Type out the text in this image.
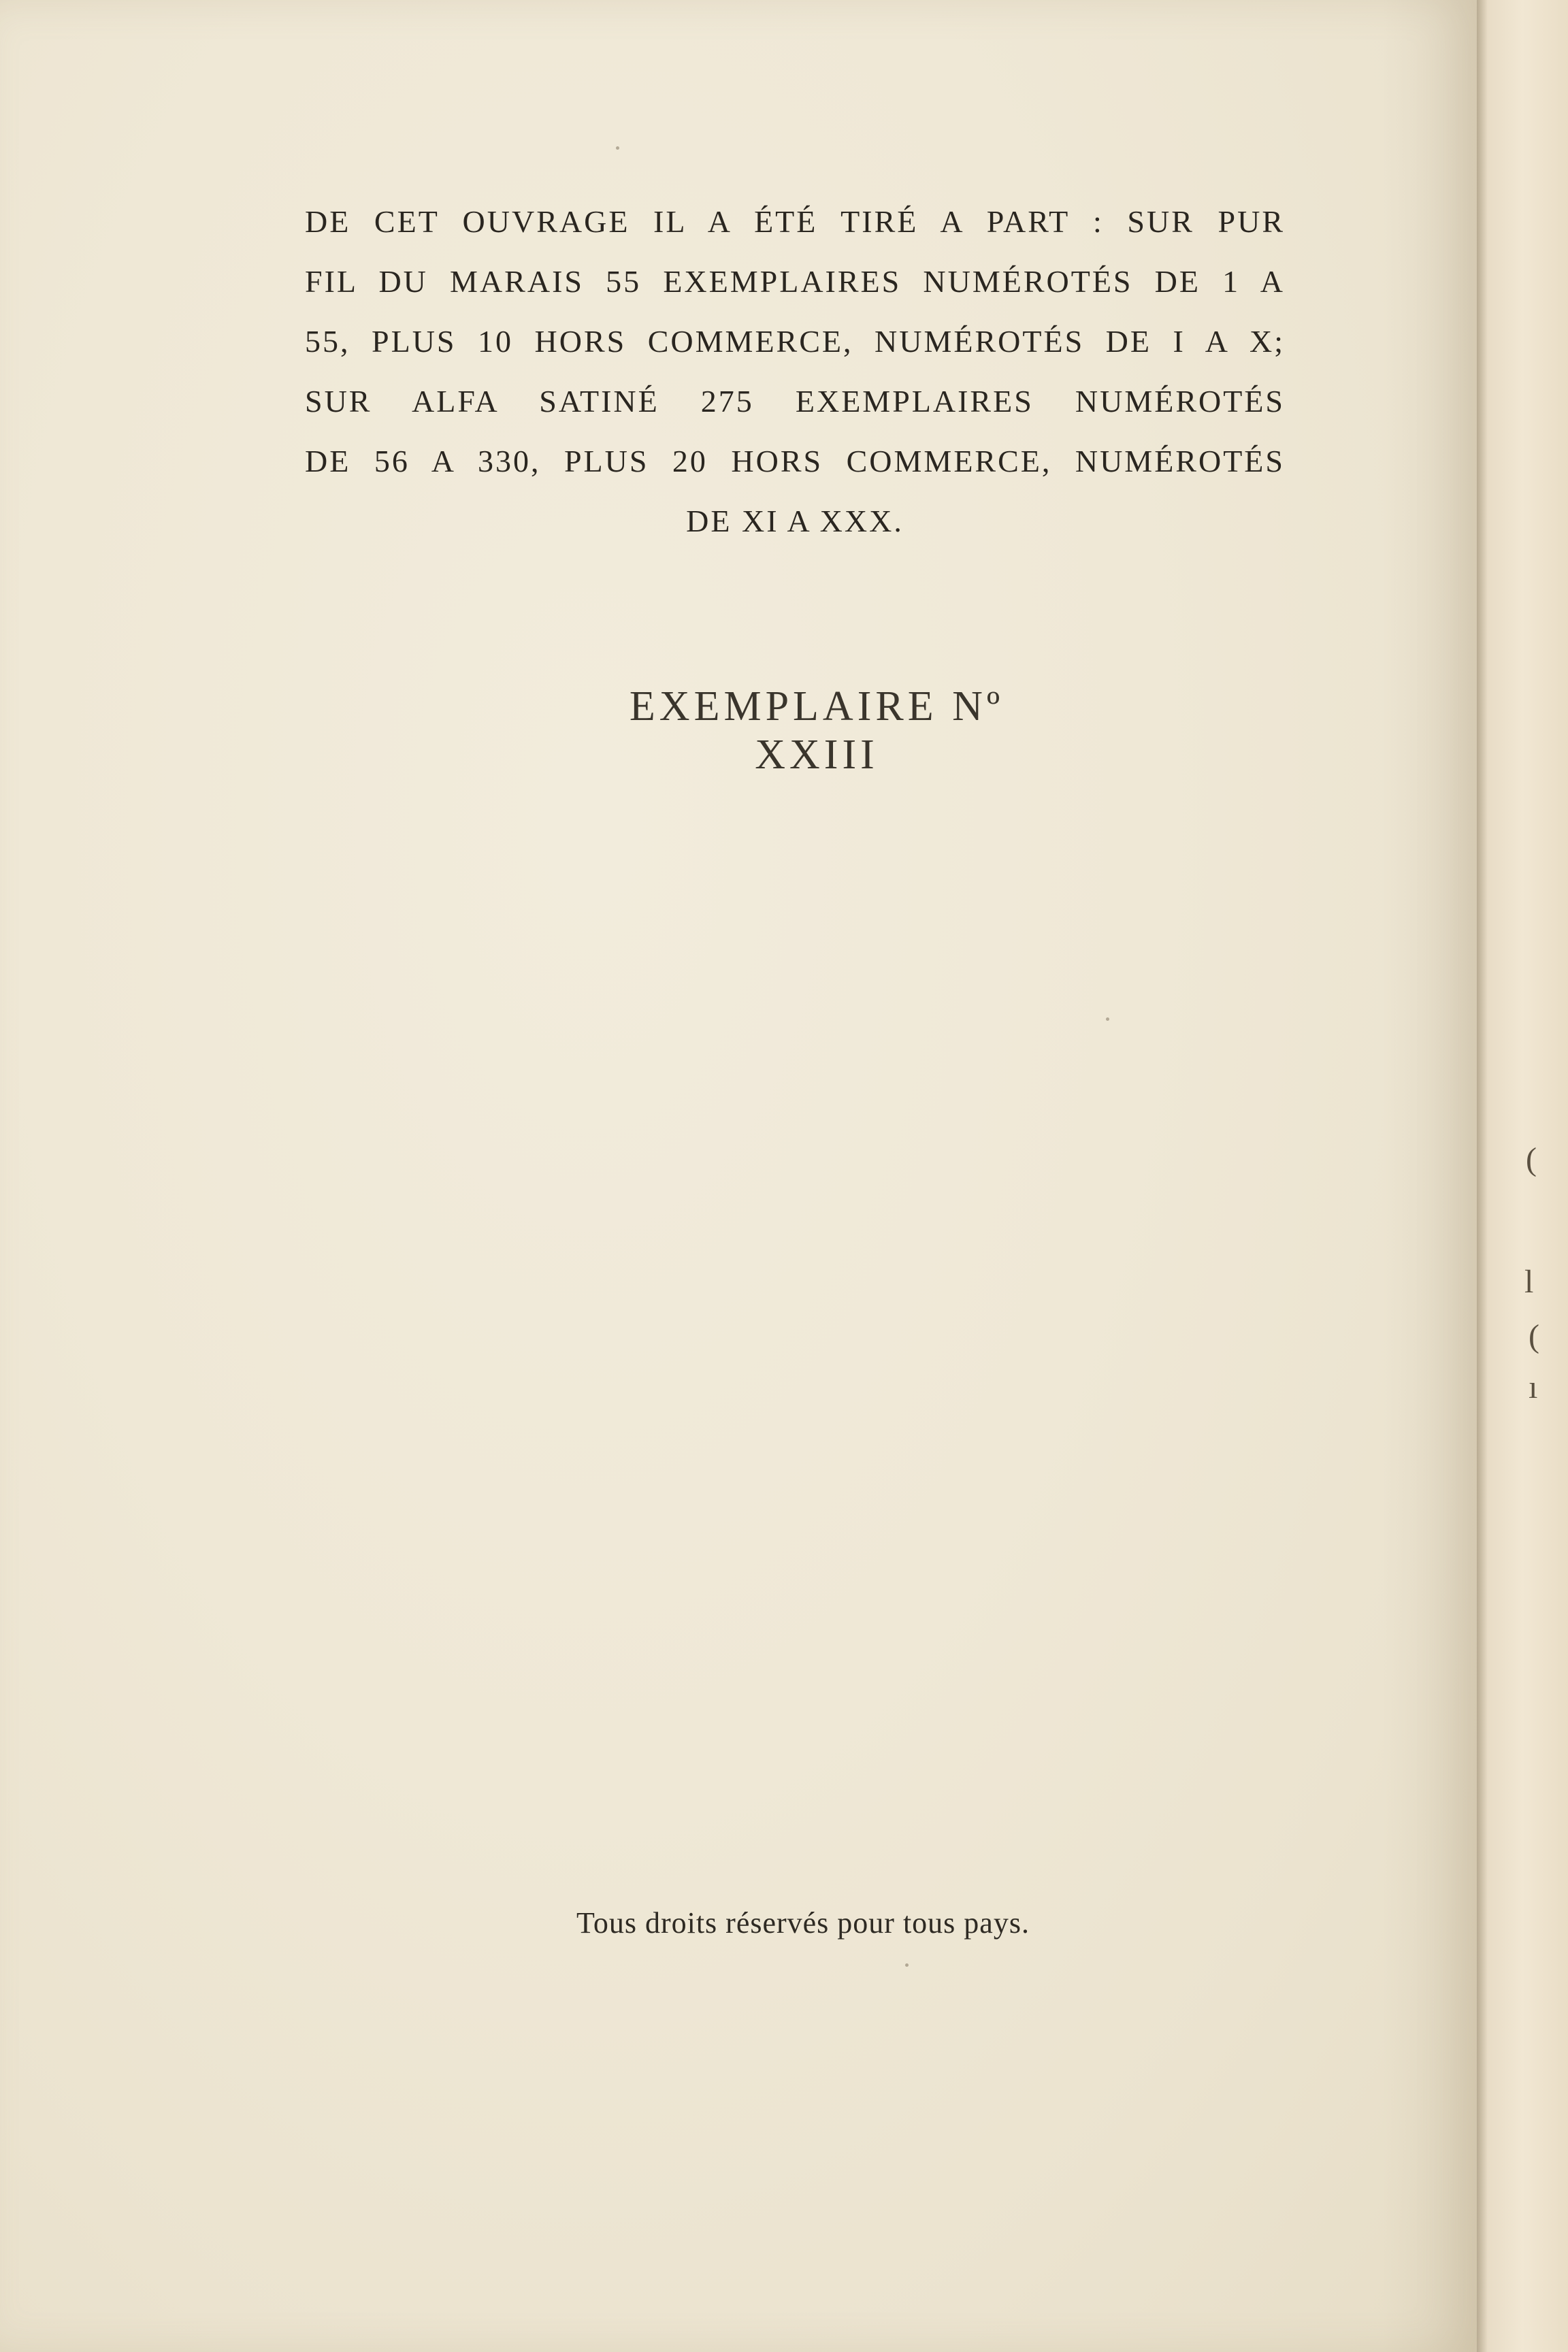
DE CET OUVRAGE IL A ÉTÉ TIRÉ A PART : SUR PUR
FIL DU MARAIS 55 EXEMPLAIRES NUMÉROTÉS DE 1 A
55, PLUS 10 HORS COMMERCE, NUMÉROTÉS DE I A X;
SUR ALFA SATINÉ 275 EXEMPLAIRES NUMÉROTÉS
DE 56 A 330, PLUS 20 HORS COMMERCE, NUMÉROTÉS
DE XI A XXX.
EXEMPLAIRE Nº XXIII
Tous droits réservés pour tous pays.
(
l
(
ı
